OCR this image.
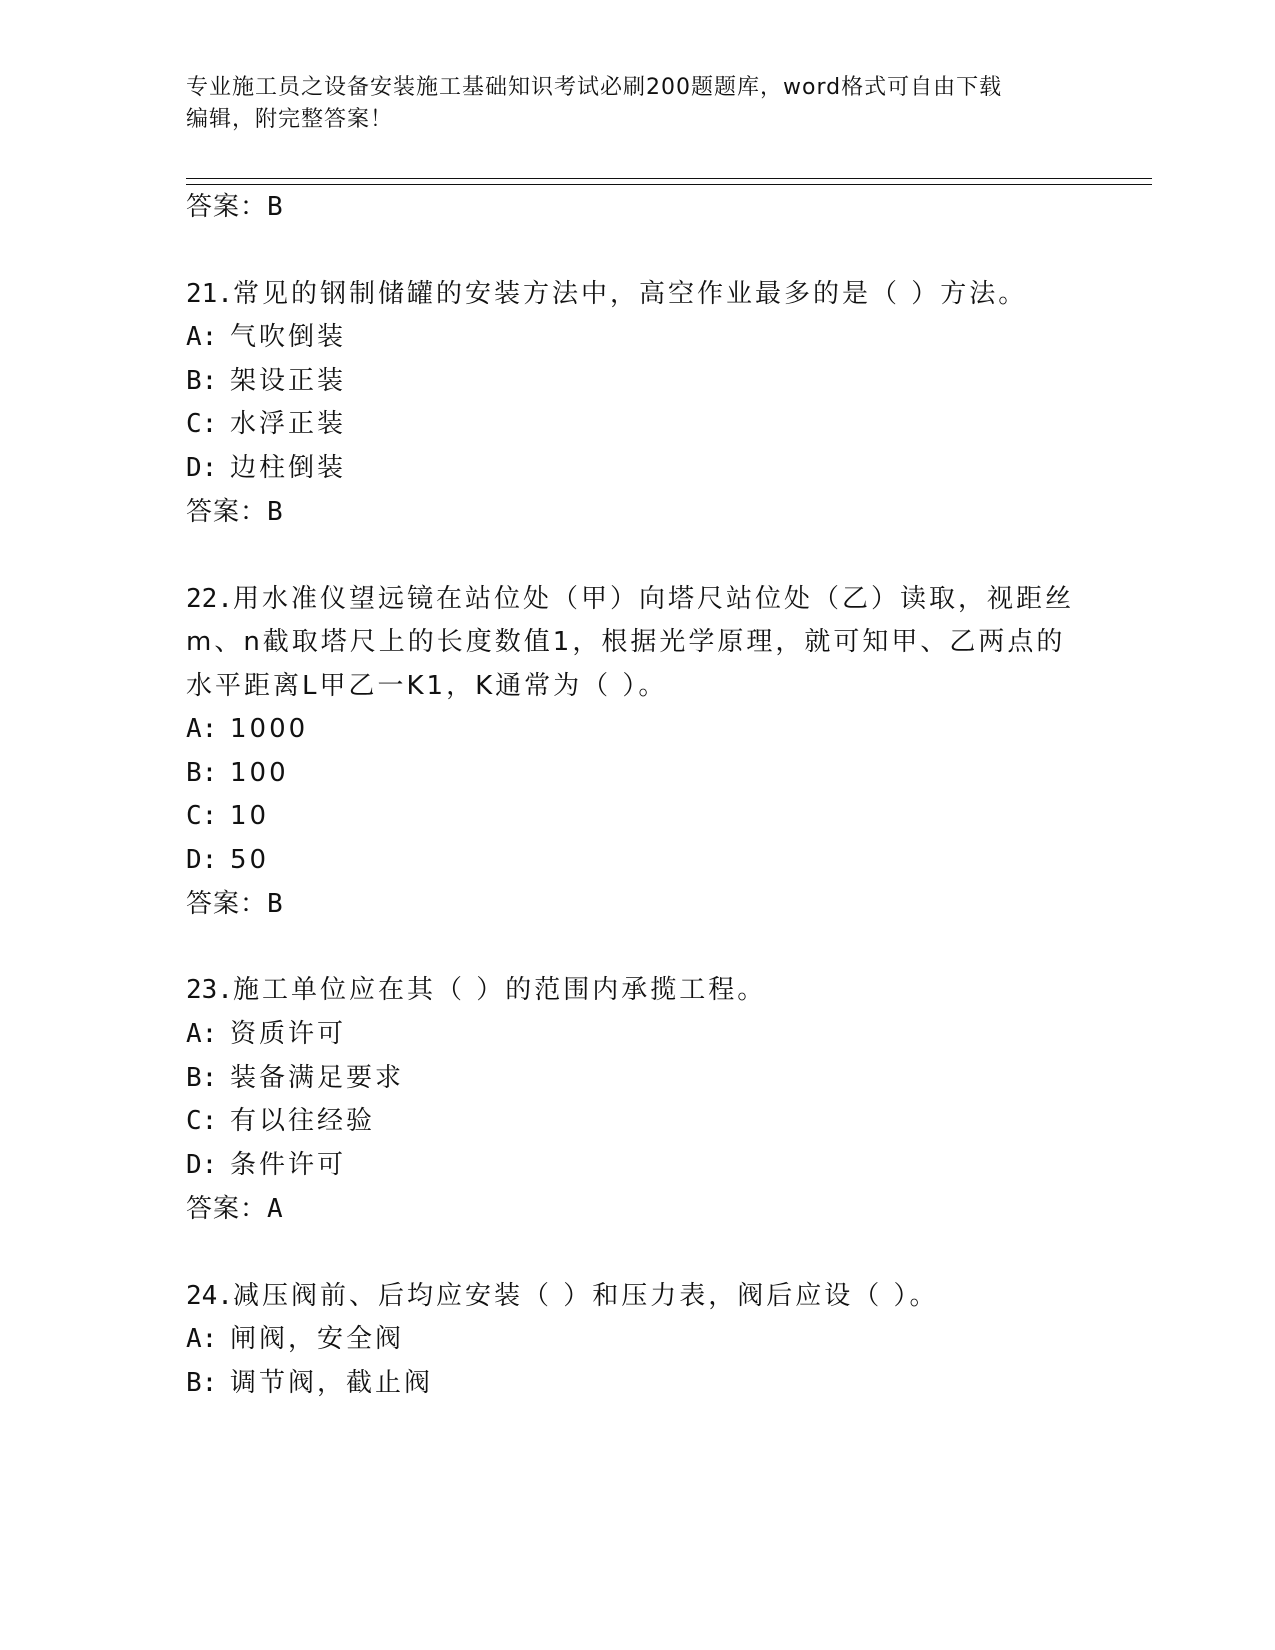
专业施工员之设备安装施工基础知识考试必刷200题题库，word格式可自由下载
编辑，附完整答案！
答案：B
21.常见的钢制储罐的安装方法中，高空作业最多的是（ ）方法。
A: 气吹倒装
B: 架设正装
C: 水浮正装
D: 边柱倒装
答案：B
22.用水准仪望远镜在站位处（甲）向塔尺站位处（乙）读取，视距丝
m、n截取塔尺上的长度数值1，根据光学原理，就可知甲、乙两点的
水平距离L甲乙一K1，K通常为（ ）。
A: 1000
B: 100
C: 10
D: 50
答案：B
23.施工单位应在其（ ）的范围内承揽工程。
A: 资质许可
B: 装备满足要求
C: 有以往经验
D: 条件许可
答案：A
24.减压阀前、后均应安装（ ）和压力表，阀后应设（ ）。
A: 闸阀，安全阀
B: 调节阀，截止阀
